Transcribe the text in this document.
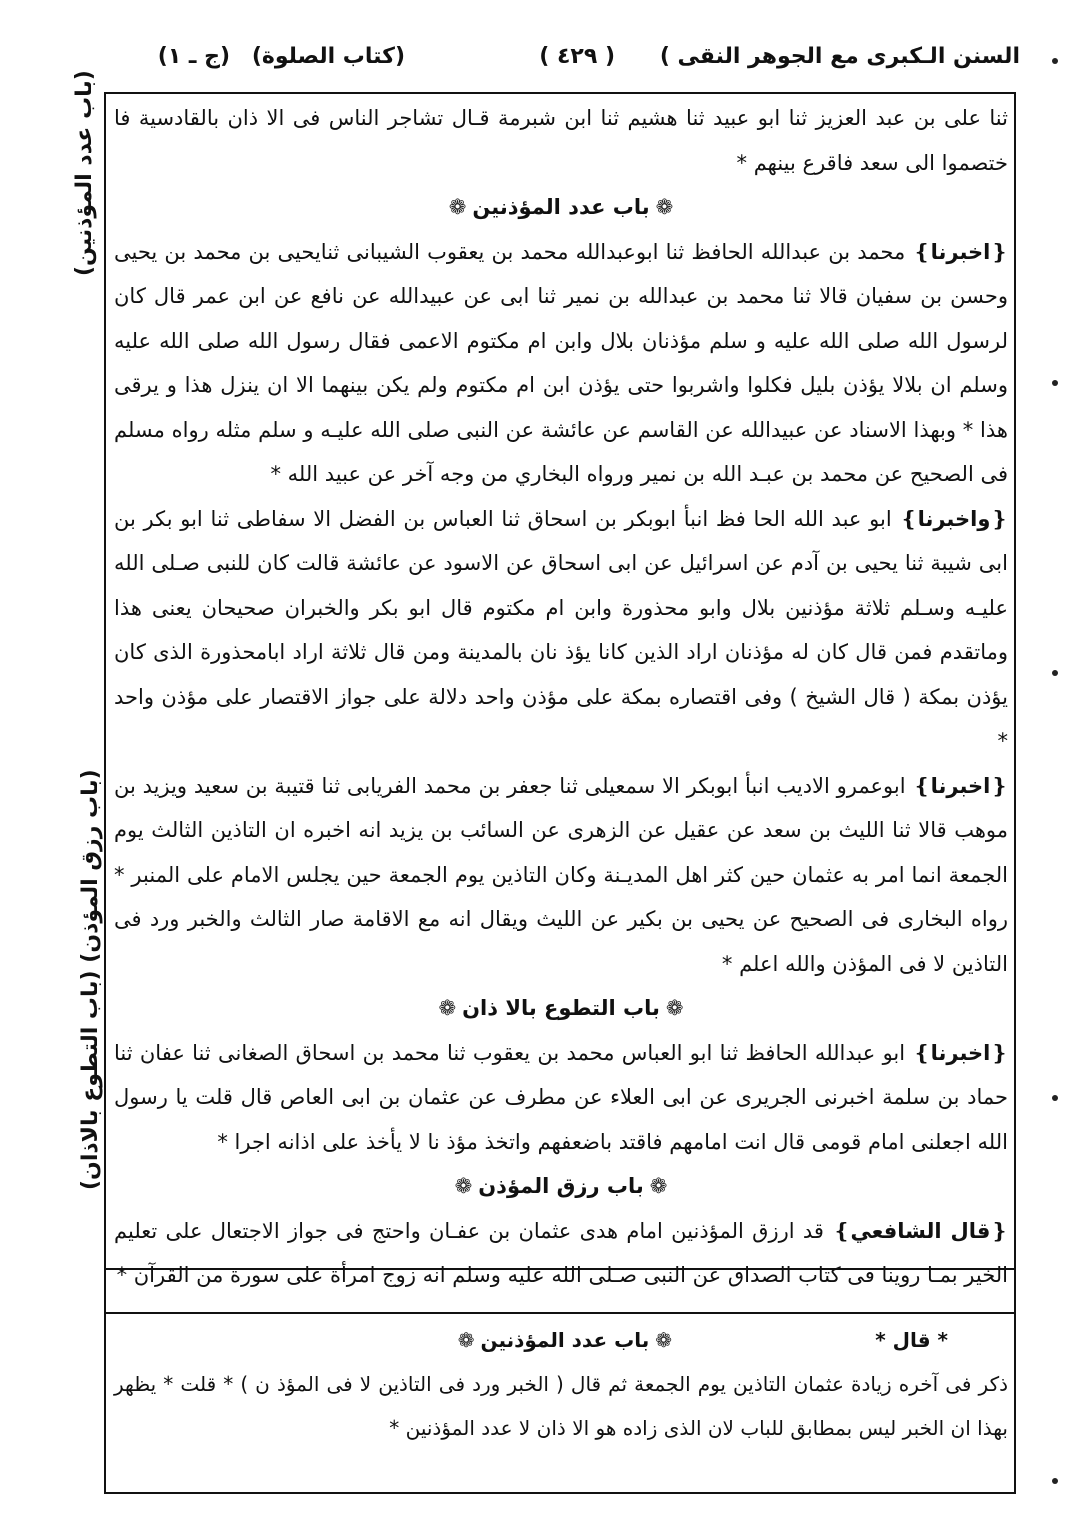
السنن الـكبرى مع الجوهر النقى )
( ٤٢٩ )
(كتاب الصلوة)
(ج ـ ١)
(باب عدد المؤذنين)
(باب رزق المؤذن) (باب التطوع بالاذان)

ثنا على بن عبد العزيز ثنا ابو عبيد ثنا هشيم ثنا ابن شبرمة قـال تشاجر الناس فى الا ذان بالقادسية فا ختصموا الى سعد فاقرع بينهم *

❁باب عدد المؤذنين❁

❴اخبرنا❵ محمد بن عبدالله الحافظ ثنا ابوعبدالله محمد بن يعقوب الشيبانى ثنايحيى بن محمد بن يحيى وحسن بن سفيان قالا ثنا محمد بن عبدالله بن نمير ثنا ابى عن عبيدالله عن نافع عن ابن عمر قال كان لرسول الله صلى الله عليه و سلم مؤذنان بلال وابن ام مكتوم الاعمى فقال رسول الله صلى الله عليه وسلم ان بلالا يؤذن بليل فكلوا واشربوا حتى يؤذن ابن ام مكتوم ولم يكن بينهما الا ان ينزل هذا و يرقى هذا * وبهذا الاسناد عن عبيدالله عن القاسم عن عائشة عن النبى صلى الله عليـه و سلم مثله رواه مسلم فى الصحيح عن محمد بن عبـد الله بن نمير ورواه البخاري من وجه آخر عن عبيد الله *

❴واخبرنا❵ ابو عبد الله الحا فظ انبأ ابوبكر بن اسحاق ثنا العباس بن الفضل الا سفاطى ثنا ابو بكر بن ابى شيبة ثنا يحيى بن آدم عن اسرائيل عن ابى اسحاق عن الاسود عن عائشة قالت كان للنبى صـلى الله عليـه وسـلم ثلاثة مؤذنين بلال وابو محذورة وابن ام مكتوم قال ابو بكر والخبران صحيحان يعنى هذا وماتقدم فمن قال كان له مؤذنان اراد الذين كانا يؤذ نان بالمدينة ومن قال ثلاثة اراد ابامحذورة الذى كان يؤذن بمكة ( قال الشيخ ) وفى اقتصاره بمكة على مؤذن واحد دلالة على جواز الاقتصار على مؤذن واحد *

❴اخبرنا❵ ابوعمرو الاديب انبأ ابوبكر الا سمعيلى ثنا جعفر بن محمد الفريابى ثنا قتيبة بن سعيد ويزيد بن موهب قالا ثنا الليث بن سعد عن عقيل عن الزهرى عن السائب بن يزيد انه اخبره ان التاذين الثالث يوم الجمعة انما امر به عثمان حين كثر اهل المديـنة وكان التاذين يوم الجمعة حين يجلس الامام على المنبر * رواه البخارى فى الصحيح عن يحيى بن بكير عن الليث ويقال انه مع الاقامة صار الثالث والخبر ورد فى التاذين لا فى المؤذن والله اعلم *

❁باب التطوع بالا ذان❁

❴اخبرنا❵ ابو عبدالله الحافظ ثنا ابو العباس محمد بن يعقوب ثنا محمد بن اسحاق الصغانى ثنا عفان ثنا حماد بن سلمة اخبرنى الجريرى عن ابى العلاء عن مطرف عن عثمان بن ابى العاص قال قلت يا رسول الله اجعلنى امام قومى قال انت امامهم فاقتد باضعفهم واتخذ مؤذ نا لا يأخذ على اذانه اجرا *

❁باب رزق المؤذن❁

❴قال الشافعي❵ قد ارزق المؤذنين امام هدى عثمان بن عفـان واحتج فى جواز الاجتعال على تعليم الخير بمـا روينا فى كتاب الصداق عن النبى صـلى الله عليه وسلم انه زوج امرأة على سورة من القرآن *

* قال *
❁باب عدد المؤذنين❁

ذكر فى آخره زيادة عثمان التاذين يوم الجمعة ثم قال ( الخبر ورد فى التاذين لا فى المؤذ ن ) * قلت * يظهر بهذا ان الخبر ليس بمطابق للباب لان الذى زاده هو الا ذان لا عدد المؤذنين *
